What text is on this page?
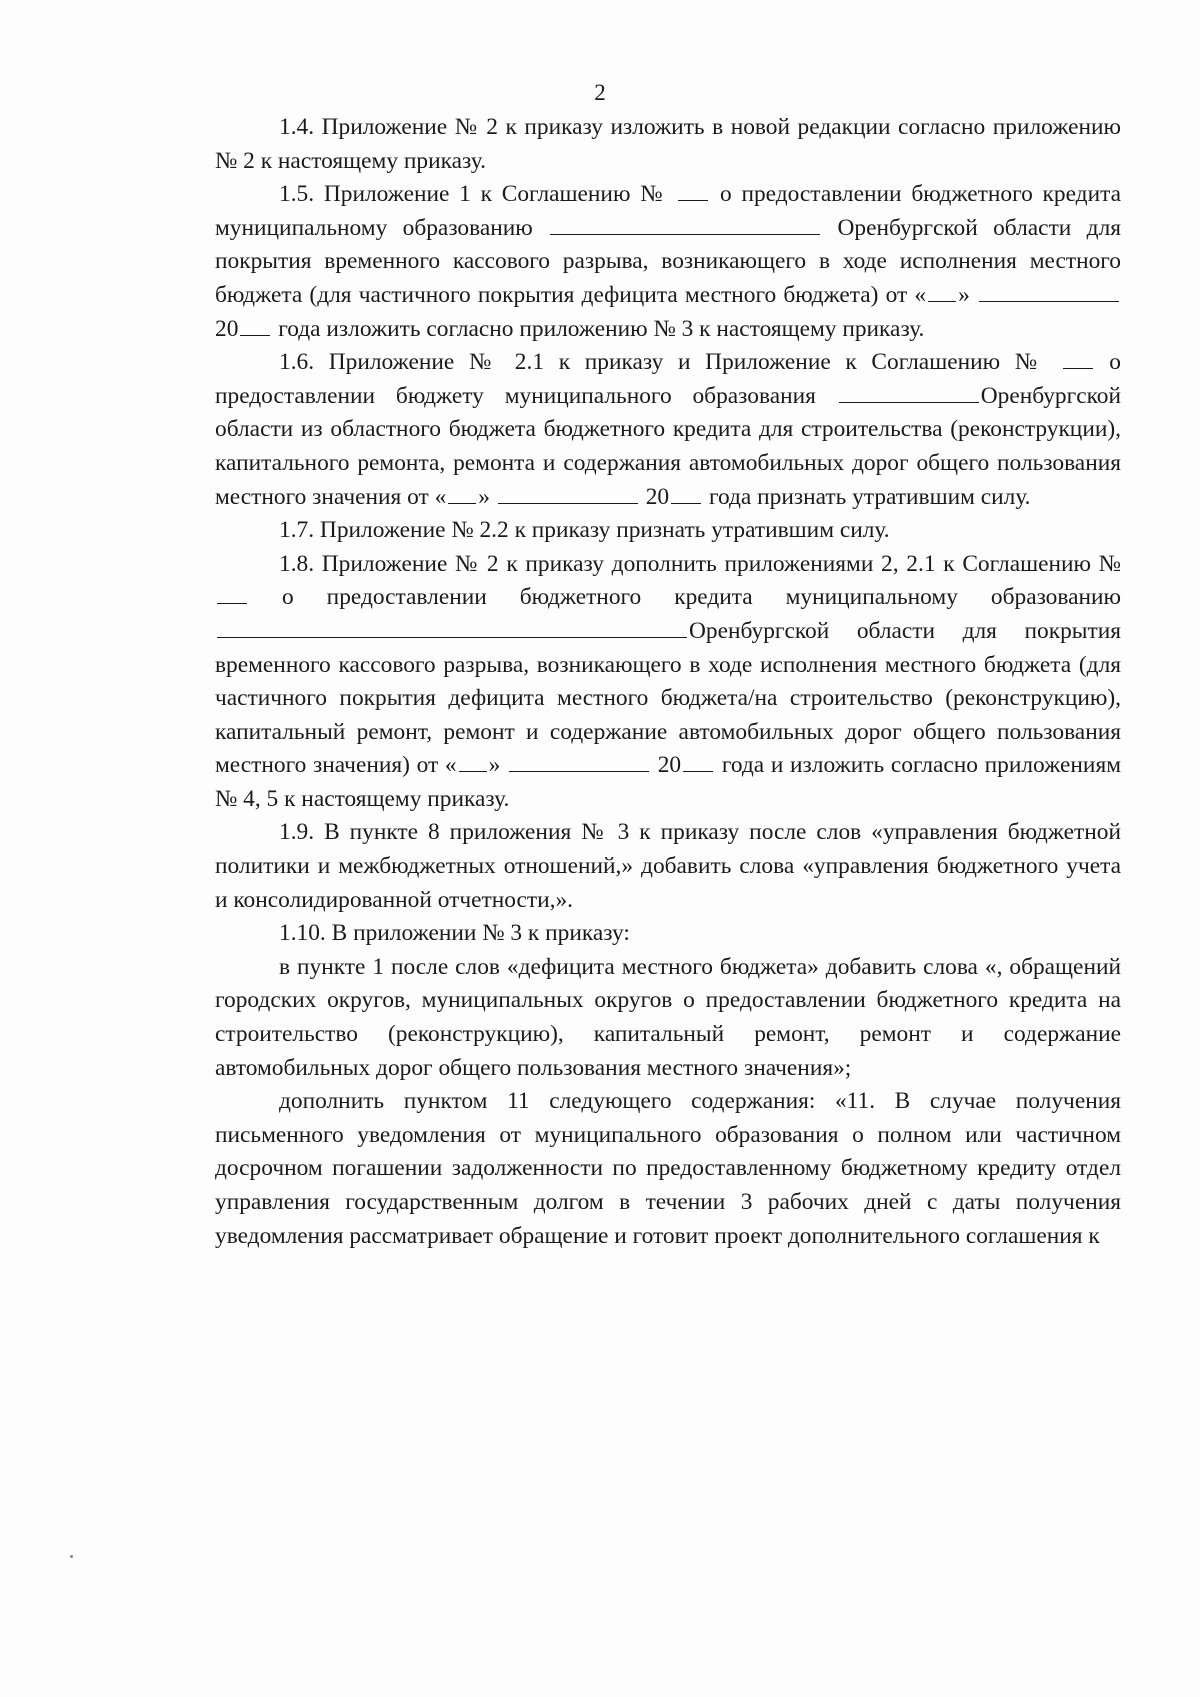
2

1.4. Приложение № 2 к приказу изложить в новой редакции согласно приложению № 2 к настоящему приказу.

1.5. Приложение 1 к Соглашению № о предоставлении бюджетного кредита муниципальному образованию	Оренбургской области для покрытия временного кассового разрыва, возникающего в ходе исполнения местного бюджета (для частичного покрытия дефицита местного бюджета) от « »  20 года изложить согласно приложению № 3 к настоящему приказу.

1.6. Приложение № 2.1 к приказу и Приложение к Соглашению №	о предоставлении бюджету муниципального образования	Оренбургской области из областного бюджета бюджетного кредита для строительства (реконструкции), капитального ремонта, ремонта и содержания автомобильных дорог общего пользования местного значения от « »	20 года признать утратившим силу.

1.7. Приложение № 2.2 к приказу признать утратившим силу.

1.8. Приложение № 2 к приказу дополнить приложениями 2, 2.1 к Соглашению №  о предоставлении бюджетного кредита муниципальному образованиюОренбургской области для покрытия временного кассового разрыва, возникающего в ходе исполнения местного бюджета (для частичного покрытия дефицита местного бюджета/на строительство (реконструкцию), капитальный ремонт, ремонт и содержание автомобильных дорог общего пользования местного значения) от « »	20 года и изложить согласно приложениям № 4, 5 к настоящему приказу.

1.9. В пункте 8 приложения № 3 к приказу после слов «управления бюджетной политики и межбюджетных отношений,» добавить слова «управления бюджетного учета и консолидированной отчетности,».

1.10. В приложении № 3 к приказу:

в пункте 1 после слов «дефицита местного бюджета» добавить слова «, обращений городских округов, муниципальных округов о предоставлении бюджетного кредита на строительство (реконструкцию), капитальный ремонт, ремонт и содержание автомобильных дорог общего пользования местного значения»;

дополнить пунктом 11 следующего содержания: «11. В случае получения письменного уведомления от муниципального образования о полном или частичном досрочном погашении задолженности по предоставленному бюджетному кредиту отдел управления государственным долгом в течении 3 рабочих дней с даты получения уведомления рассматривает обращение и готовит проект дополнительного соглашения к
